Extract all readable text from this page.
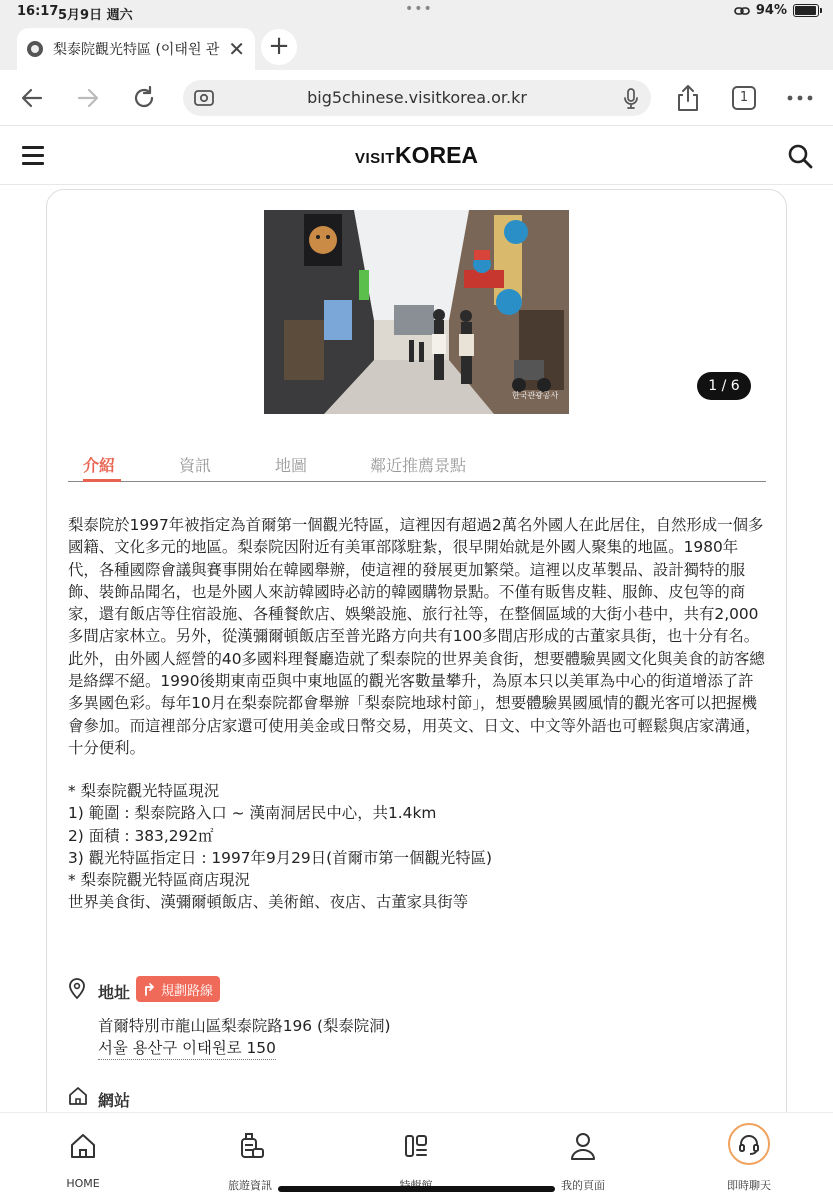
16:17 5月9日 週六	•••	94%
梨泰院觀光特區 (이태원 관 ✕ +
big5chinese.visitkorea.or.kr	1
VISITKOREA
한국관광공사
1 / 6
介紹	資訊	地圖	鄰近推薦景點

梨泰院於1997年被指定為首爾第一個觀光特區，這裡因有超過2萬名外國人在此居住，自然形成一個多國籍、文化多元的地區。梨泰院因附近有美軍部隊駐紮，很早開始就是外國人聚集的地區。1980年代，各種國際會議與賽事開始在韓國舉辦，使這裡的發展更加繁榮。這裡以皮革製品、設計獨特的服飾、裝飾品聞名，也是外國人來訪韓國時必訪的韓國購物景點。不僅有販售皮鞋、服飾、皮包等的商家，還有飯店等住宿設施、各種餐飲店、娛樂設施、旅行社等，在整個區域的大街小巷中，共有2,000多間店家林立。另外，從漢彌爾頓飯店至普光路方向共有100多間店形成的古董家具街，也十分有名。此外，由外國人經營的40多國料理餐廳造就了梨泰院的世界美食街，想要體驗異國文化與美食的訪客總是絡繹不絕。1990後期東南亞與中東地區的觀光客數量攀升，為原本只以美軍為中心的街道增添了許多異國色彩。每年10月在梨泰院都會舉辦「梨泰院地球村節」，想要體驗異國風情的觀光客可以把握機會參加。而這裡部分店家還可使用美金或日幣交易，用英文、日文、中文等外語也可輕鬆與店家溝通，十分便利。

* 梨泰院觀光特區現況
1) 範圍 : 梨泰院路入口 ~ 漢南洞居民中心，共1.4km
2) 面積 : 383,292㎡
3) 觀光特區指定日 : 1997年9月29日(首爾市第一個觀光特區)
* 梨泰院觀光特區商店現況
世界美食街、漢彌爾頓飯店、美術館、夜店、古董家具街等
地址 規劃路線
首爾特別市龍山區梨泰院路196 (梨泰院洞)
서울 용산구 이태원로 150
網站
HOME	旅遊資訊	我的頁面	即時聊天
